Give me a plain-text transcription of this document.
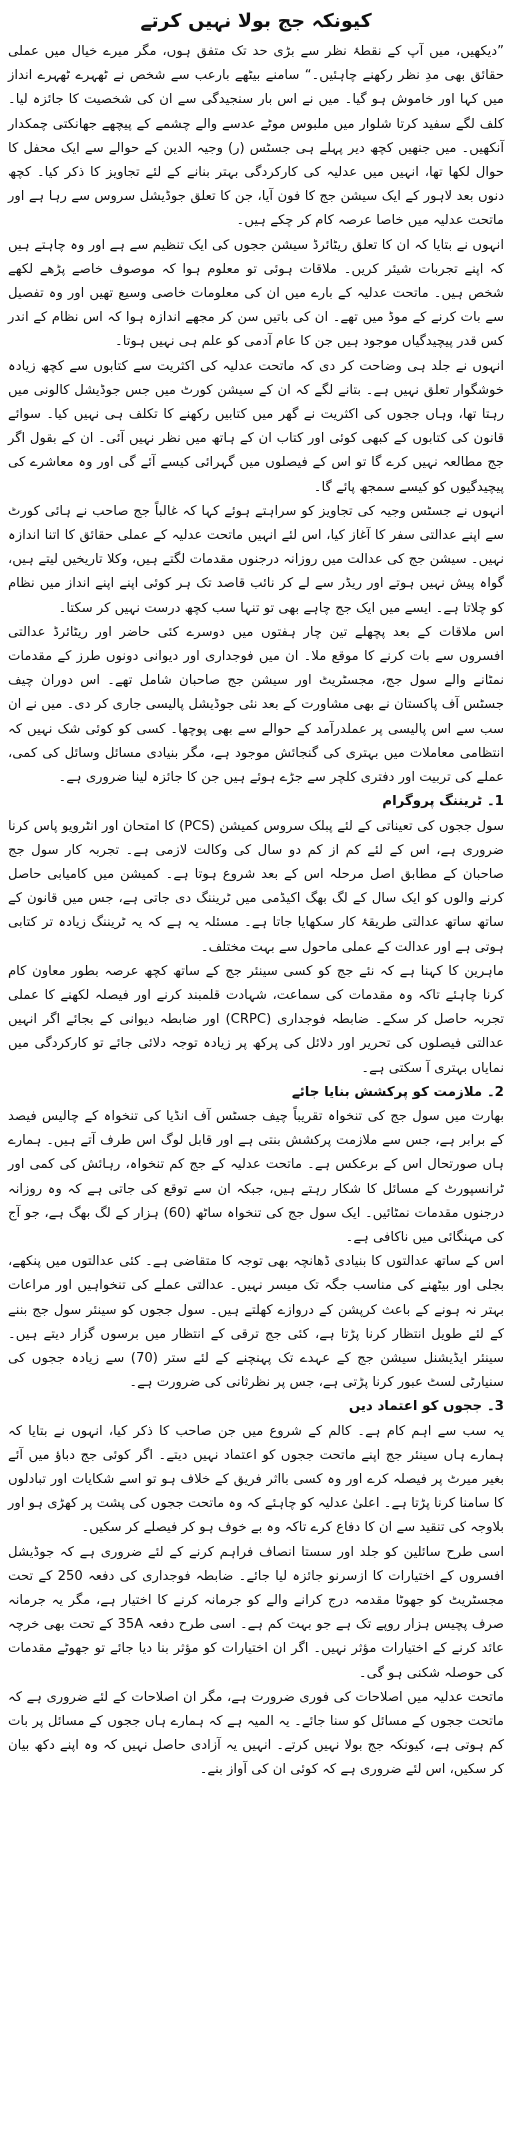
کیونکہ جج بولا نہیں کرتے

”دیکھیں، میں آپ کے نقطۂ نظر سے بڑی حد تک متفق ہوں، مگر میرے خیال میں عملی حقائق بھی مدِ نظر رکھنے چاہئیں۔“ سامنے بیٹھے بارعب سے شخص نے ٹھہرے ٹھہرے انداز میں کہا اور خاموش ہو گیا۔ میں نے اس بار سنجیدگی سے ان کی شخصیت کا جائزہ لیا۔ کلف لگے سفید کرتا شلوار میں ملبوس موٹے عدسے والے چشمے کے پیچھے جھانکتی چمکدار آنکھیں۔ میں جنھیں کچھ دیر پہلے ہی جسٹس (ر) وجیہ الدین کے حوالے سے ایک محفل کا حوال لکھا تھا، انہیں میں عدلیہ کی کارکردگی بہتر بنانے کے لئے تجاویز کا ذکر کیا۔ کچھ دنوں بعد لاہور کے ایک سیشن جج کا فون آیا، جن کا تعلق جوڈیشل سروس سے رہا ہے اور ماتحت عدلیہ میں خاصا عرصہ کام کر چکے ہیں۔

انہوں نے بتایا کہ ان کا تعلق ریٹائرڈ سیشن ججوں کی ایک تنظیم سے ہے اور وہ چاہتے ہیں کہ اپنے تجربات شیئر کریں۔ ملاقات ہوئی تو معلوم ہوا کہ موصوف خاصے پڑھے لکھے شخص ہیں۔ ماتحت عدلیہ کے بارے میں ان کی معلومات خاصی وسیع تھیں اور وہ تفصیل سے بات کرنے کے موڈ میں تھے۔ ان کی باتیں سن کر مجھے اندازہ ہوا کہ اس نظام کے اندر کس قدر پیچیدگیاں موجود ہیں جن کا عام آدمی کو علم ہی نہیں ہوتا۔

انہوں نے جلد ہی وضاحت کر دی کہ ماتحت عدلیہ کی اکثریت سے کتابوں سے کچھ زیادہ خوشگوار تعلق نہیں ہے۔ بتانے لگے کہ ان کے سیشن کورٹ میں جس جوڈیشل کالونی میں رہتا تھا، وہاں ججوں کی اکثریت نے گھر میں کتابیں رکھنے کا تکلف ہی نہیں کیا۔ سوائے قانون کی کتابوں کے کبھی کوئی اور کتاب ان کے ہاتھ میں نظر نہیں آئی۔ ان کے بقول اگر جج مطالعہ نہیں کرے گا تو اس کے فیصلوں میں گہرائی کیسے آئے گی اور وہ معاشرے کی پیچیدگیوں کو کیسے سمجھ پائے گا۔

انہوں نے جسٹس وجیہ کی تجاویز کو سراہتے ہوئے کہا کہ غالباً جج صاحب نے ہائی کورٹ سے اپنے عدالتی سفر کا آغاز کیا، اس لئے انہیں ماتحت عدلیہ کے عملی حقائق کا اتنا اندازہ نہیں۔ سیشن جج کی عدالت میں روزانہ درجنوں مقدمات لگتے ہیں، وکلا تاریخیں لیتے ہیں، گواہ پیش نہیں ہوتے اور ریڈر سے لے کر نائب قاصد تک ہر کوئی اپنے اپنے انداز میں نظام کو چلاتا ہے۔ ایسے میں ایک جج چاہے بھی تو تنہا سب کچھ درست نہیں کر سکتا۔

اس ملاقات کے بعد پچھلے تین چار ہفتوں میں دوسرے کئی حاضر اور ریٹائرڈ عدالتی افسروں سے بات کرنے کا موقع ملا۔ ان میں فوجداری اور دیوانی دونوں طرز کے مقدمات نمٹانے والے سول جج، مجسٹریٹ اور سیشن جج صاحبان شامل تھے۔ اس دوران چیف جسٹس آف پاکستان نے بھی مشاورت کے بعد نئی جوڈیشل پالیسی جاری کر دی۔ میں نے ان سب سے اس پالیسی پر عملدرآمد کے حوالے سے بھی پوچھا۔ کسی کو کوئی شک نہیں کہ انتظامی معاملات میں بہتری کی گنجائش موجود ہے، مگر بنیادی مسائل وسائل کی کمی، عملے کی تربیت اور دفتری کلچر سے جڑے ہوئے ہیں جن کا جائزہ لینا ضروری ہے۔

1۔ ٹریننگ پروگرام

سول ججوں کی تعیناتی کے لئے پبلک سروس کمیشن (PCS) کا امتحان اور انٹرویو پاس کرنا ضروری ہے، اس کے لئے کم از کم دو سال کی وکالت لازمی ہے۔ تجربہ کار سول جج صاحبان کے مطابق اصل مرحلہ اس کے بعد شروع ہوتا ہے۔ کمیشن میں کامیابی حاصل کرنے والوں کو ایک سال کے لگ بھگ اکیڈمی میں ٹریننگ دی جاتی ہے، جس میں قانون کے ساتھ ساتھ عدالتی طریقۂ کار سکھایا جاتا ہے۔ مسئلہ یہ ہے کہ یہ ٹریننگ زیادہ تر کتابی ہوتی ہے اور عدالت کے عملی ماحول سے بہت مختلف۔

ماہرین کا کہنا ہے کہ نئے جج کو کسی سینئر جج کے ساتھ کچھ عرصہ بطور معاون کام کرنا چاہئے تاکہ وہ مقدمات کی سماعت، شہادت قلمبند کرنے اور فیصلہ لکھنے کا عملی تجربہ حاصل کر سکے۔ ضابطہ فوجداری (CRPC) اور ضابطہ دیوانی کے بجائے اگر انہیں عدالتی فیصلوں کی تحریر اور دلائل کی پرکھ پر زیادہ توجہ دلائی جائے تو کارکردگی میں نمایاں بہتری آ سکتی ہے۔

2۔ ملازمت کو پرکشش بنایا جائے

بھارت میں سول جج کی تنخواہ تقریباً چیف جسٹس آف انڈیا کی تنخواہ کے چالیس فیصد کے برابر ہے، جس سے ملازمت پرکشش بنتی ہے اور قابل لوگ اس طرف آتے ہیں۔ ہمارے ہاں صورتحال اس کے برعکس ہے۔ ماتحت عدلیہ کے جج کم تنخواہ، رہائش کی کمی اور ٹرانسپورٹ کے مسائل کا شکار رہتے ہیں، جبکہ ان سے توقع کی جاتی ہے کہ وہ روزانہ درجنوں مقدمات نمٹائیں۔ ایک سول جج کی تنخواہ ساٹھ (60) ہزار کے لگ بھگ ہے، جو آج کی مہنگائی میں ناکافی ہے۔

اس کے ساتھ عدالتوں کا بنیادی ڈھانچہ بھی توجہ کا متقاضی ہے۔ کئی عدالتوں میں پنکھے، بجلی اور بیٹھنے کی مناسب جگہ تک میسر نہیں۔ عدالتی عملے کی تنخواہیں اور مراعات بہتر نہ ہونے کے باعث کرپشن کے دروازے کھلتے ہیں۔ سول ججوں کو سینئر سول جج بننے کے لئے طویل انتظار کرنا پڑتا ہے، کئی جج ترقی کے انتظار میں برسوں گزار دیتے ہیں۔ سینئر ایڈیشنل سیشن جج کے عہدے تک پہنچنے کے لئے ستر (70) سے زیادہ ججوں کی سنیارٹی لسٹ عبور کرنا پڑتی ہے، جس پر نظرثانی کی ضرورت ہے۔

3۔ ججوں کو اعتماد دیں

یہ سب سے اہم کام ہے۔ کالم کے شروع میں جن صاحب کا ذکر کیا، انہوں نے بتایا کہ ہمارے ہاں سینئر جج اپنے ماتحت ججوں کو اعتماد نہیں دیتے۔ اگر کوئی جج دباؤ میں آئے بغیر میرٹ پر فیصلہ کرے اور وہ کسی بااثر فریق کے خلاف ہو تو اسے شکایات اور تبادلوں کا سامنا کرنا پڑتا ہے۔ اعلیٰ عدلیہ کو چاہئے کہ وہ ماتحت ججوں کی پشت پر کھڑی ہو اور بلاوجہ کی تنقید سے ان کا دفاع کرے تاکہ وہ بے خوف ہو کر فیصلے کر سکیں۔

اسی طرح سائلین کو جلد اور سستا انصاف فراہم کرنے کے لئے ضروری ہے کہ جوڈیشل افسروں کے اختیارات کا ازسرنو جائزہ لیا جائے۔ ضابطہ فوجداری کی دفعہ 250 کے تحت مجسٹریٹ کو جھوٹا مقدمہ درج کرانے والے کو جرمانہ کرنے کا اختیار ہے، مگر یہ جرمانہ صرف پچیس ہزار روپے تک ہے جو بہت کم ہے۔ اسی طرح دفعہ 35A کے تحت بھی خرچہ عائد کرنے کے اختیارات مؤثر نہیں۔ اگر ان اختیارات کو مؤثر بنا دیا جائے تو جھوٹے مقدمات کی حوصلہ شکنی ہو گی۔

ماتحت عدلیہ میں اصلاحات کی فوری ضرورت ہے، مگر ان اصلاحات کے لئے ضروری ہے کہ ماتحت ججوں کے مسائل کو سنا جائے۔ یہ المیہ ہے کہ ہمارے ہاں ججوں کے مسائل پر بات کم ہوتی ہے، کیونکہ جج بولا نہیں کرتے۔ انہیں یہ آزادی حاصل نہیں کہ وہ اپنے دکھ بیان کر سکیں، اس لئے ضروری ہے کہ کوئی ان کی آواز بنے۔
